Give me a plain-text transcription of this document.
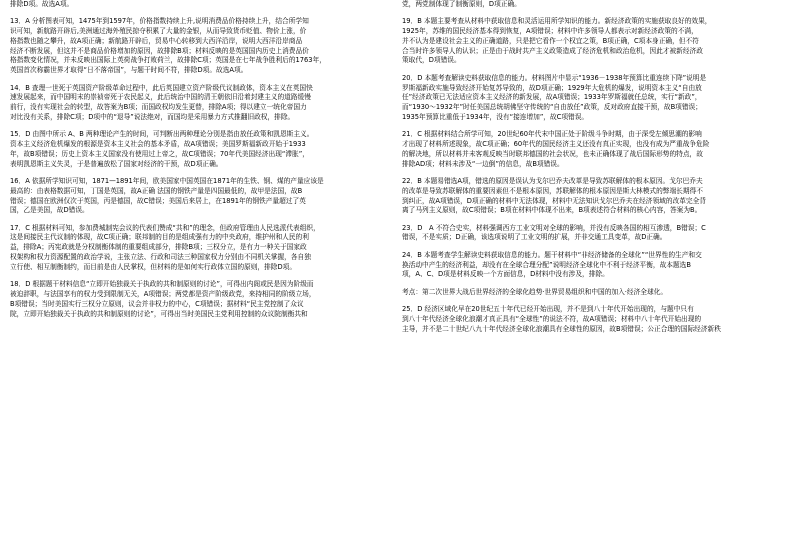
排除D项。故选A项。

13．A 分析图表可知，1475年到1597年，价格指数持续上升,说明消费品价格持续上升，结合所学知

识可知，新航路开辟后,美洲通过海外殖民掠夺积累了大量的金银，从而导致货币贬值、物价上涨，价

格指数也随之攀升，故A项正确；新航路开辟后，贸易中心转移到大西洋沿岸，说明大西洋沿岸商品

经济不断发展，但这并不是商品价格增加的原因，故排除B项；材料反映的是英国国内历史上消费品价

格指数变化情况，并未反映出国际上英荷战争打败荷兰，故排除C项；英国是在七年战争胜利后的1763年，

英国首次称霸世界才取得“日不落帝国”，与题干时间不符，排除D项。故选A项。

14．B 查理一世死于英国资产阶级革命过程中，此后英国建立资产阶级代议制政体，资本主义在英国快

速发展起来，而中国明末的崇祯帝死于农民起义，此后统治中国的清王朝依旧沿着封建主义的道路缓慢

前行，没有实现社会的转型，故答案为B项；而国政权均发生更替，排除A项；得以建立一统化帝国力

对比没有关系，排除C项；D项中的“退导”说法绝对，而国均是采用暴力方式推翻旧政权，排除。

15．D 由图中所示 A、B 两种理论产生的时间，可判断出两种理论分别是指由放任政策和凯恩斯主义。

资本主义经济危机爆发的根源是资本主义社会的基本矛盾，故A项错误；美国罗斯福新政开始于1933

年，故B项错误；历史上资本主义国家没有使用过上帝之，故C项错误；70年代美国经济出现“滞胀”，

表明凯恩斯主义失灵，于是普遍放松了国家对经济的干预，故D项正确。

16．A 依据所学知识可知，1871—1891年间，欧美国家中国英国在1871年的生铁、钢、煤的产量应该是

最高的：由表格数据可知，丁国是英国，故A正确 法国的钢铁产量是四国最低的，故甲是法国，故B

错误；德国在欧洲仅次于英国，丙是德国，故C错误；美国后来居上，在1891年的钢铁产量超过了英

国，乙是美国，故D错误。

17．C 根据材料可知，参加费城制宪会议的代表们赞成“共和”的理念，但政府管理由人民选派代表组织，

这是间接民主代议制的体现，故C项正确；联邦制的目的是组成强有力的中央政府，维护州和人民的利

益，排除A；丙宪政就是分权制衡体制的重要组成部分，排除B项；三权分立，是有力一种关于国家政

权架构和权力资源配置的政治学说，主张立法、行政和司法三种国家权力分别由不同机关掌握，各自独

立行使、相互制衡制约，而目前是由人民掌权，但材料的是如何实行政体立国的原则，排除D项。

18．D 根据题干材料信息“立即开始独裁关于执政的共和制原则的讨论”，可得出内阁或民是因为阶级而

被迫辞职，与法国享有的权力受到限制无关，A项错误；两党都是资产阶级政党，来持相同的阶级立场，

B项错误；当时美国实行三权分立原则，议会并非权力的中心，C项错误；据材料“民主党控制了众议

院，立即开始独裁关于执政的共和制原则的讨论”，可得出当时美国民主党利用控制的众议院制衡共和

党，两党制体现了制衡原则，D项正确。

19．B 本题主要考查从材料中获取信息和灵活运用所学知识的能力。新经济政策的实施获取良好的效果，

1925年，苏维的国民经济基本得到恢复，A项错误；材料中许多领导人都表示对新经济政策的不满，

并不认为是建设社会主义的正确道路，只是把它看作一个权宜之策，B项正确，C项本身正确，但不符

合当时许多领导人的认识；正是由于战时共产主义政策造成了经济危机和政治危机，因此才被新经济政

策取代，D项错误。

20．D 本题考查解读史料获取信息的能力。材料图片中显示“1936－1938年预算比重连续下降”说明是

罗斯福新政实施导致经济开始复苏导致的，故D项正确；1929年大危机的爆发，说明资本主义“自由放

任”经济政策已无法适应资本主义经济的新发展，故A项错误；1933年罗斯福就任总统，实行“新政”，

而“1930～1932年”时任美国总统胡佛坚守传统的“自由放任”政策，反对政府直接干预，故B项错误；

1935年预算比重低于1934年，没有“接连增加”，故C项错误。

21．C 根据材料结合所学可知，20世纪60年代末中国正处于阶级斗争时期，由于深受左倾思潮的影响

才出现了材料所述现象，故C项正确；60年代的国民经济主义还没有真正实现，也没有成为严重战争危险

的解决地，所以材料并未客观反映当时联邦德国的社会状况，也未正确体现了战后国际形势的特点，故

排除AD项；材料未涉及“一边倒”的信息，故B项错误。

22．B 本题易错选A项，错选的原因是误认为戈尔巴乔夫改革是导致苏联解体的根本原因。戈尔巴乔夫

的改革是导致苏联解体的重要因素但不是根本原因，苏联解体的根本原因是斯大林模式的弊端长期得不

到纠正，故A项错误，D项正确的材料中无法体现，材料中无法知识戈尔巴乔夫在经济领域的改革完全背

离了马列主义原则，故C项错误；B项在材料中体现不出来，B项表述符合材料的核心内容，答案为B。

23．D　A 不符合史实，材料强调西方工业文明对全球的影响，并没有反映各国的相互渗透，B错误；C

错误，不是实质；D正确，该选项说明了工业文明的扩展，并非交通工具变革，故D正确。

24．B 本题考查学生解读史料获取信息的能力。题干材料中“非经济储备的全球化”“世界性的生产和交

换活动中产生的经济利益，却没有在全球合理分配”说明经济全球化中不利于经济平衡，故本题选B

项，A、C、D项是材料反映一个方面信息，D材料中没有涉及，排除。

考点：第二次世界大战后世界经济的全球化趋势·世界贸易组织和中国的加入·经济全球化。

25．D 经济区域化早在20世纪五十年代已经开始出现，并不是到八十年代开始出现的，与题中只有

到八十年代经济全球化浪潮才真正具有“全球性”的说法不符，故A项错误；材料中八十年代开始出现的

主导，并不是二十世纪八九十年代经济全球化浪潮具有全球性的原因，故B项错误；公正合理的国际经济新秩
